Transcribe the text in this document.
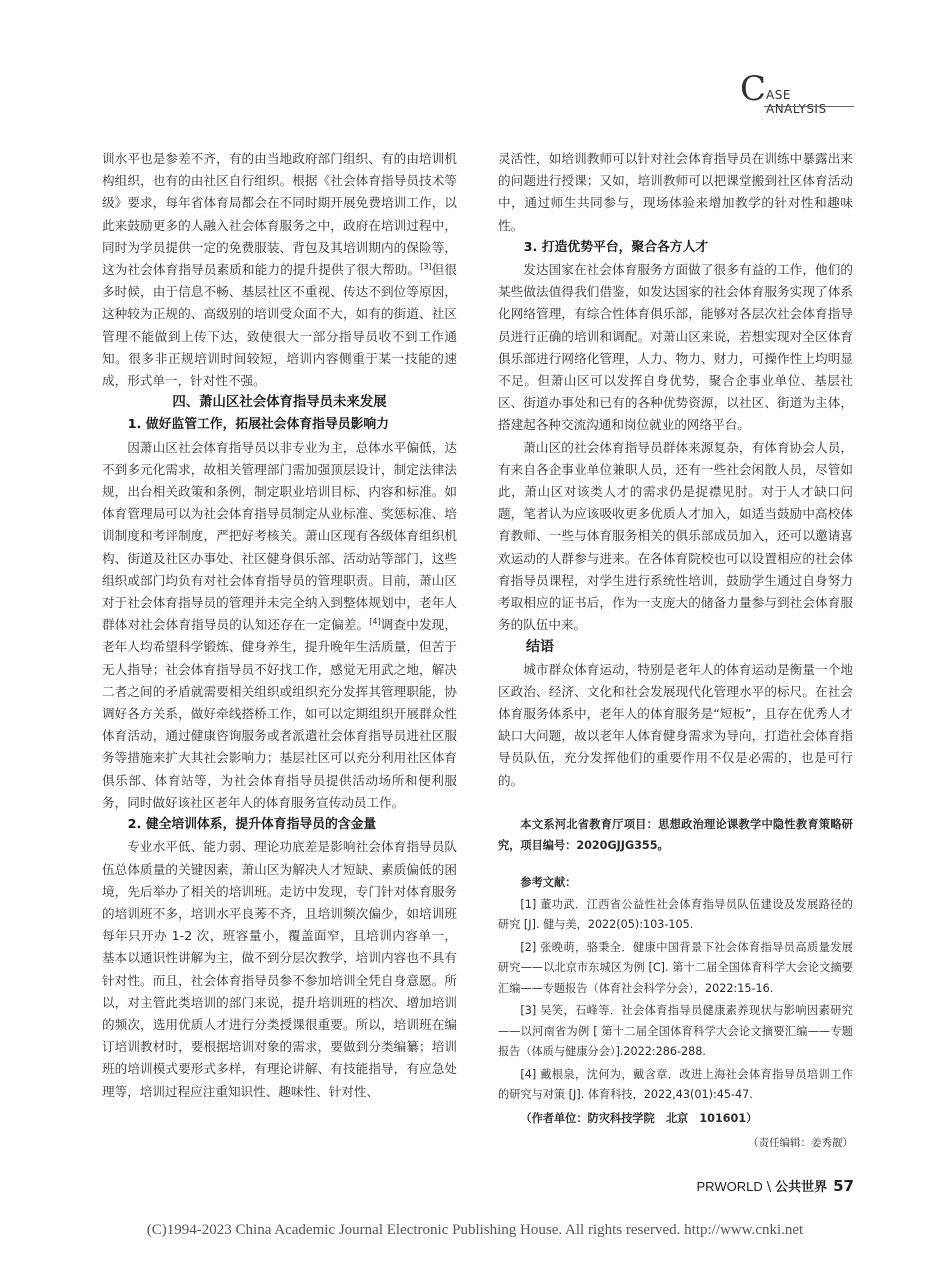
C ASE ANALYSIS

训水平也是参差不齐，有的由当地政府部门组织、有的由培训机构组织，也有的由社区自行组织。根据《社会体育指导员技术等级》要求，每年省体育局都会在不同时期开展免费培训工作，以此来鼓励更多的人融入社会体育服务之中，政府在培训过程中，同时为学员提供一定的免费服装、背包及其培训期内的保险等，这为社会体育指导员素质和能力的提升提供了很大帮助。[3]但很多时候，由于信息不畅、基层社区不重视、传达不到位等原因，这种较为正规的、高级别的培训受众面不大，如有的街道、社区管理不能做到上传下达，致使很大一部分指导员收不到工作通知。很多非正规培训时间较短，培训内容侧重于某一技能的速成，形式单一，针对性不强。

四、萧山区社会体育指导员未来发展
1. 做好监管工作，拓展社会体育指导员影响力

因萧山区社会体育指导员以非专业为主，总体水平偏低，达不到多元化需求，故相关管理部门需加强顶层设计，制定法律法规，出台相关政策和条例，制定职业培训目标、内容和标准。如体育管理局可以为社会体育指导员制定从业标准、奖惩标准、培训制度和考评制度，严把好考核关。萧山区现有各级体育组织机构、街道及社区办事处、社区健身俱乐部、活动站等部门，这些组织或部门均负有对社会体育指导员的管理职责。目前，萧山区对于社会体育指导员的管理并未完全纳入到整体规划中，老年人群体对社会体育指导员的认知还存在一定偏差。[4]调查中发现，老年人均希望科学锻炼、健身养生，提升晚年生活质量，但苦于无人指导；社会体育指导员不好找工作，感觉无用武之地，解决二者之间的矛盾就需要相关组织或组织充分发挥其管理职能，协调好各方关系，做好牵线搭桥工作，如可以定期组织开展群众性体育活动，通过健康咨询服务或者派遣社会体育指导员进社区服务等措施来扩大其社会影响力；基层社区可以充分利用社区体育俱乐部、体育站等，为社会体育指导员提供活动场所和便利服务，同时做好该社区老年人的体育服务宣传动员工作。

2. 健全培训体系，提升体育指导员的含金量

专业水平低、能力弱、理论功底差是影响社会体育指导员队伍总体质量的关键因素，萧山区为解决人才短缺、素质偏低的困境，先后举办了相关的培训班。走访中发现，专门针对体育服务的培训班不多，培训水平良莠不齐，且培训频次偏少，如培训班每年只开办 1-2 次，班容量小，覆盖面窄，且培训内容单一，基本以通识性讲解为主，做不到分层次教学，培训内容也不具有针对性。而且，社会体育指导员参不参加培训全凭自身意愿。所以，对主管此类培训的部门来说，提升培训班的档次、增加培训的频次，选用优质人才进行分类授课很重要。所以，培训班在编订培训教材时，要根据培训对象的需求，要做到分类编纂；培训班的培训模式要形式多样，有理论讲解、有技能指导，有应急处理等，培训过程应注重知识性、趣味性、针对性、

灵活性，如培训教师可以针对社会体育指导员在训练中暴露出来的问题进行授课；又如，培训教师可以把课堂搬到社区体育活动中，通过师生共同参与，现场体验来增加教学的针对性和趣味性。

3. 打造优势平台，聚合各方人才

发达国家在社会体育服务方面做了很多有益的工作，他们的某些做法值得我们借鉴，如发达国家的社会体育服务实现了体系化网络管理，有综合性体育俱乐部，能够对各层次社会体育指导员进行正确的培训和调配。对萧山区来说，若想实现对全区体育俱乐部进行网络化管理，人力、物力、财力，可操作性上均明显不足。但萧山区可以发挥自身优势，聚合企事业单位、基层社区、街道办事处和已有的各种优势资源，以社区、街道为主体，搭建起各种交流沟通和岗位就业的网络平台。

萧山区的社会体育指导员群体来源复杂，有体育协会人员，有来自各企事业单位兼职人员，还有一些社会闲散人员，尽管如此，萧山区对该类人才的需求仍是捉襟见肘。对于人才缺口问题，笔者认为应该吸收更多优质人才加入，如适当鼓励中高校体育教师、一些与体育服务相关的俱乐部成员加入，还可以邀请喜欢运动的人群参与进来。在各体育院校也可以设置相应的社会体育指导员课程，对学生进行系统性培训，鼓励学生通过自身努力考取相应的证书后，作为一支庞大的储备力量参与到社会体育服务的队伍中来。

结语

城市群众体育运动，特别是老年人的体育运动是衡量一个地区政治、经济、文化和社会发展现代化管理水平的标尺。在社会体育服务体系中，老年人的体育服务是“短板”，且存在优秀人才缺口大问题，故以老年人体育健身需求为导向，打造社会体育指导员队伍，充分发挥他们的重要作用不仅是必需的，也是可行的。

本文系河北省教育厅项目：思想政治理论课教学中隐性教育策略研究，项目编号：2020GJJG355。
参考文献：

[1] 董功武．江西省公益性社会体育指导员队伍建设及发展路径的研究 [J]. 健与美，2022(05):103-105.

[2] 张晚萌，骆秉全．健康中国背景下社会体育指导员高质量发展研究——以北京市东城区为例 [C]. 第十二届全国体育科学大会论文摘要汇编——专题报告（体育社会科学分会），2022:15-16.

[3] 吴笑，石峰等．社会体育指导员健康素养现状与影响因素研究——以河南省为例 [ 第十二届全国体育科学大会论文摘要汇编——专题报告（体质与健康分会）].2022:286-288.

[4] 戴根泉，沈何为，戴含章．改进上海社会体育指导员培训工作的研究与对策 [J]. 体育科技，2022,43(01):45-47.

（作者单位：防灾科技学院　北京　101601）
（责任编辑：姜秀靓）
PRWORLD \ 公共世界 57
(C)1994-2023 China Academic Journal Electronic Publishing House. All rights reserved. http://www.cnki.net
